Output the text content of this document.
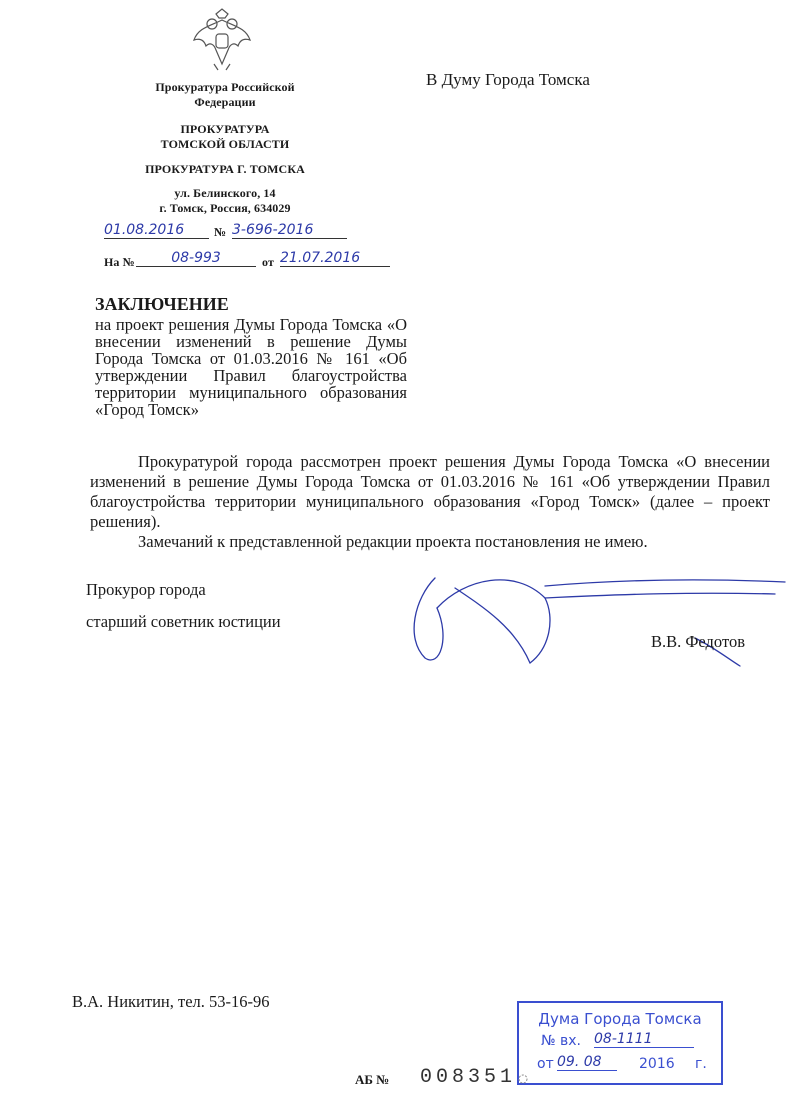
Прокуратура Российской
Федерации
ПРОКУРАТУРА
ТОМСКОЙ ОБЛАСТИ
ПРОКУРАТУРА Г. ТОМСКА
ул. Белинского, 14
г. Томск, Россия, 634029
В Думу Города Томска
01.08.2016	№ 3-696-2016
На №	08-993	от 21.07.2016
ЗАКЛЮЧЕНИЕ
на проект решения Думы Города Томска «О внесении изменений в решение Думы Города Томска от 01.03.2016 № 161 «Об утверждении Правил благоустройства территории муниципального образования «Город Томск»
Прокуратурой города рассмотрен проект решения Думы Города Томска «О внесении изменений в решение Думы Города Томска от 01.03.2016 № 161 «Об утверждении Правил благоустройства территории муниципального образования «Город Томск» (далее – проект решения).
Замечаний к представленной редакции проекта постановления не имею.
Прокурор города
старший советник юстиции
В.В. Федотов
В.А. Никитин, тел. 53-16-96
Дума Города Томска
№ вх. 08-1111
от 09. 08	2016 г.
АБ № 008351
